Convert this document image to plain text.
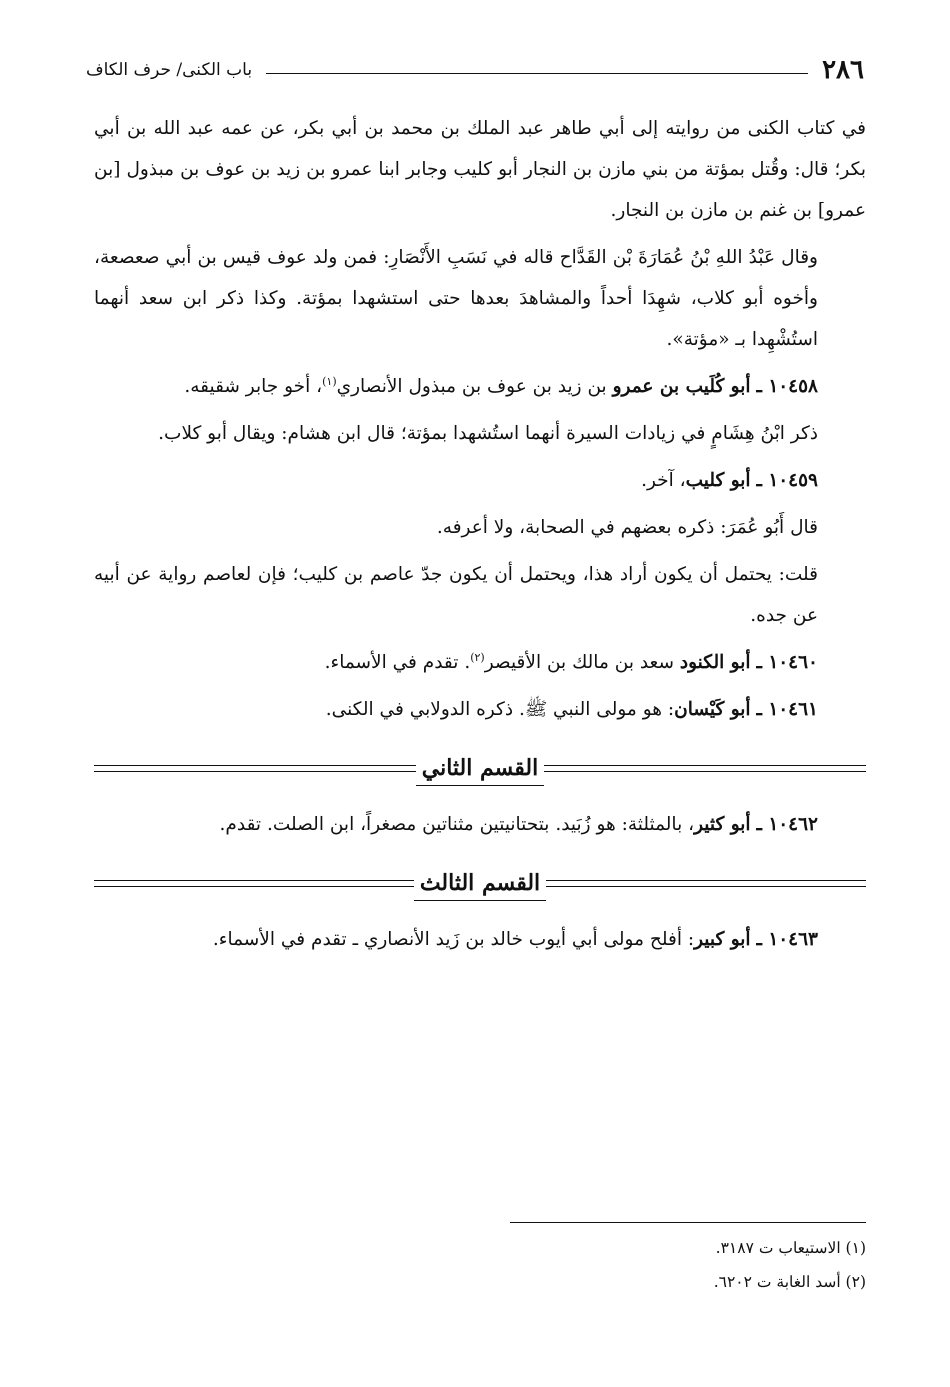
٢٨٦
باب الكنى/ حرف الكاف

في كتاب الكنى من روايته إلى أبي طاهر عبد الملك بن محمد بن أبي بكر، عن عمه عبد الله بن أبي بكر؛ قال: وقُتل بمؤتة من بني مازن بن النجار أبو كليب وجابر ابنا عمرو بن زيد بن عوف بن مبذول [بن عمرو] بن غنم بن مازن بن النجار.

وقال عَبْدُ اللهِ بْنُ عُمَارَةَ بْن القَدَّاح قاله في نَسَبِ الأَنْصَارِ: فمن ولد عوف قيس بن أبي صعصعة، وأخوه أبو كلاب، شهِدَا أحداً والمشاهدَ بعدها حتى استشهدا بمؤتة. وكذا ذكر ابن سعد أنهما استُشْهِدا بـ «مؤتة».

١٠٤٥٨ ـ أبو كُلَيب بن عمرو بن زيد بن عوف بن مبذول الأنصاري$^{(١)}$، أخو جابر شقيقه.

ذكر ابْنُ هِشَامٍ في زيادات السيرة أنهما استُشهدا بمؤتة؛ قال ابن هشام: ويقال أبو كلاب.

١٠٤٥٩ ـ أبو كليب، آخر.

قال أَبُو عُمَرَ: ذكره بعضهم في الصحابة، ولا أعرفه.

قلت: يحتمل أن يكون أراد هذا، ويحتمل أن يكون جدّ عاصم بن كليب؛ فإن لعاصم رواية عن أبيه عن جده.

١٠٤٦٠ ـ أبو الكنود سعد بن مالك بن الأقيصر$^{(٢)}$. تقدم في الأسماء.

١٠٤٦١ ـ أبو كَيْسان: هو مولى النبي ﷺ. ذكره الدولابي في الكنى.

القسم الثاني

١٠٤٦٢ ـ أبو كثير، بالمثلثة: هو زُبَيد. بتحتانيتين مثناتين مصغراً، ابن الصلت. تقدم.

القسم الثالث

١٠٤٦٣ ـ أبو كبير: أفلح مولى أبي أيوب خالد بن زَيد الأنصاري ـ تقدم في الأسماء.

(١) الاستيعاب ت ٣١٨٧.
(٢) أسد الغابة ت ٦٢٠٢.
